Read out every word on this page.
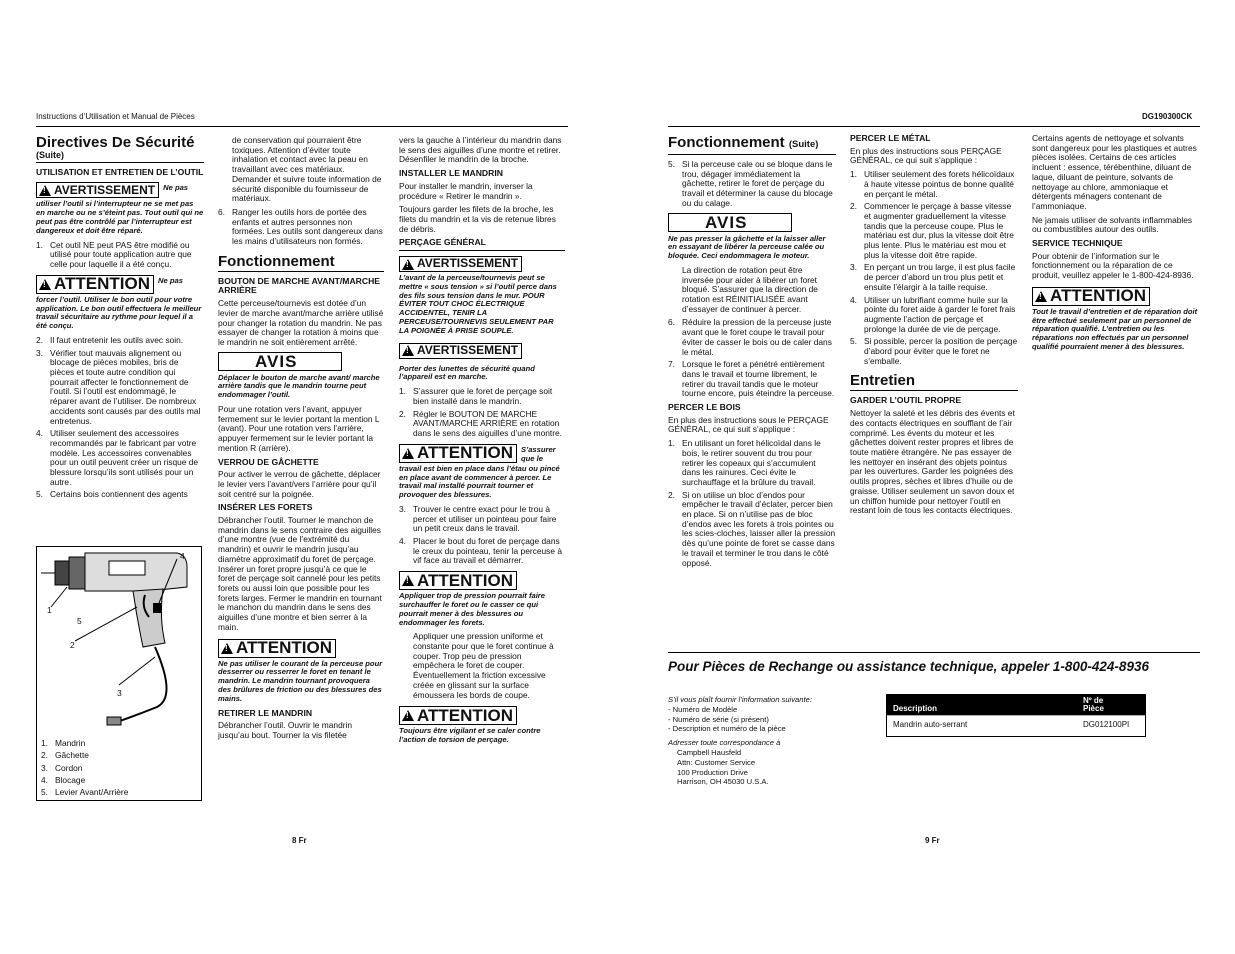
Instructions d’Utilisation et Manual de Pièces	DG190300CK
Directives De Sécurité
(Suite)
UTILISATION ET ENTRETIEN DE L’OUTIL
!
AVERTISSEMENT Ne pas
utiliser l’outil si l’interrupteur ne se met pas en marche ou ne s’éteint pas. Tout outil qui ne peut pas être contrôlé par l’interrupteur est dangereux et doit être réparé.
1. Cet outil NE peut PAS être modifié ou utilisé pour toute application autre que celle pour laquelle il a été conçu.
!
ATTENTION Ne pas
forcer l’outil. Utiliser le bon outil pour votre application. Le bon outil effectuera le meilleur travail sécuritaire au rythme pour lequel il a été conçu.
2. Il faut entretenir les outils avec soin.
3. Vérifier tout mauvais alignement ou blocage de pièces mobiles, bris de pièces et toute autre condition qui pourrait affecter le fonctionnement de l’outil. Si l’outil est endommagé, le réparer avant de l’utiliser. De nombreux accidents sont causés par des outils mal entretenus.
4. Utiliser seulement des accessoires recommandés par le fabricant par votre modèle. Les accessoires convenables pour un outil peuvent créer un risque de blessure lorsqu’ils sont utilisés pour un autre.
5. Certains bois contiennent des agents
4
1
5
2
3
1.   Mandrin
2.   Gâchette
3.   Cordon
4.   Blocage
5.   Levier Avant/Arrière

de conservation qui pourraient être toxiques. Attention d’éviter toute inhalation et contact avec la peau en travaillant avec ces matériaux. Demander et suivre toute information de sécurité disponible du fournisseur de matériaux.

6. Ranger les outils hors de portée des enfants et autres personnes non formées. Les outils sont dangereux dans les mains d’utilisateurs non formés.
Fonctionnement
BOUTON DE MARCHE AVANT/MARCHE ARRIÈRE

Cette perceuse/tournevis est dotée d’un levier de marche avant/marche arrière utilisé pour changer la rotation du mandrin. Ne pas essayer de changer la rotation à moins que le mandrin ne soit entièrement arrêté.

AVIS
Déplacer le bouton de marche avant/ marche arrière tandis que le mandrin tourne peut endommager l’outil.

Pour une rotation vers l’avant, appuyer fermement sur le levier portant la mention L (avant). Pour une rotation vers l’arrière, appuyer fermement sur le levier portant la mention R (arrière).

VERROU DE GÂCHETTE

Pour activer le verrou de gâchette, déplacer le levier vers l’avant/vers l’arrière pour qu’il soit centré sur la poignée.

INSÉRER LES FORETS

Débrancher l’outil. Tourner le manchon de mandrin dans le sens contraire des aiguilles d’une montre (vue de l’extrémité du mandrin) et ouvrir le mandrin jusqu’au diamètre approximatif du foret de perçage. Insérer un foret propre jusqu’à ce que le foret de perçage soit cannelé pour les petits forets ou aussi loin que possible pour les forets larges. Fermer le mandrin en tournant le manchon du mandrin dans le sens des aiguilles d’une montre et bien serrer à la main.

!
ATTENTION
Ne pas utiliser le courant de la perceuse pour desserrer ou resserrer le foret en tenant le mandrin. Le mandrin tournant provoquera des brûlures de friction ou des blessures des mains.
RETIRER LE MANDRIN

Débrancher l’outil. Ouvrir le mandrin jusqu’au bout. Tourner la vis filetée

vers la gauche à l’intérieur du mandrin dans le sens des aiguilles d’une montre et retirer. Désenfiler le mandrin de la broche.

INSTALLER LE MANDRIN

Pour installer le mandrin, inverser la procédure « Retirer le mandrin ».

Toujours garder les filets de la broche, les filets du mandrin et la vis de retenue libres de débris.

PERÇAGE GÉNÉRAL
!
AVERTISSEMENT
L’avant de la perceuse/tournevis peut se mettre « sous tension » si l’outil perce dans des fils sous tension dans le mur. POUR ÉVITER TOUT CHOC ÉLECTRIQUE ACCIDENTEL, TENIR LA PERCEUSE/TOURNEVIS SEULEMENT PAR LA POIGNÉE À PRISE SOUPLE.
!
AVERTISSEMENT
Porter des lunettes de sécurité quand l’appareil est en marche.
1. S’assurer que le foret de perçage soit bien installé dans le mandrin.
2. Régler le BOUTON DE MARCHE AVANT/MARCHE ARRIÈRE en rotation dans le sens des aiguilles d’une montre.
!
ATTENTION S’assurer que le
travail est bien en place dans l’étau ou pincé en place avant de commencer à percer. Le travail mal installé pourrait tourner et provoquer des blessures.
3. Trouver le centre exact pour le trou à percer et utiliser un pointeau pour faire un petit creux dans le travail.
4. Placer le bout du foret de perçage dans le creux du pointeau, tenir la perceuse à vif face au travail et démarrer.
!
ATTENTION
Appliquer trop de pression pourrait faire surchauffer le foret ou le casser ce qui pourrait mener à des blessures ou endommager les forets.

Appliquer une pression uniforme et constante pour que le foret continue à couper. Trop peu de pression empêchera le foret de couper. Éventuellement la friction excessive créée en glissant sur la surface émoussera les bords de coupe.

!
ATTENTION
Toujours être vigilant et se caler contre l’action de torsion de perçage.
Fonctionnement (Suite)
5. Si la perceuse cale ou se bloque dans le trou, dégager immédiatement la gâchette, retirer le foret de perçage du travail et déterminer la cause du blocage ou du calage.
AVIS
Ne pas presser la gâchette et la laisser aller en essayant de libérer la perceuse calée ou bloquée. Ceci endommagera le moteur.

La direction de rotation peut être inversée pour aider à libérer un foret bloqué. S’assurer que la direction de rotation est RÉINITIALISÉE avant d’essayer de continuer à percer.

6. Réduire la pression de la perceuse juste avant que le foret coupe le travail pour éviter de casser le bois ou de caler dans le métal.
7. Lorsque le foret a pénétré entièrement dans le travail et tourne librement, le retirer du travail tandis que le moteur tourne encore, puis éteindre la perceuse.
PERCER LE BOIS

En plus des instructions sous le PERÇAGE GÉNÉRAL, ce qui suit s’applique :

1. En utilisant un foret hélicoïdal dans le bois, le retirer souvent du trou pour retirer les copeaux qui s’accumulent dans les rainures. Ceci évite le surchauffage et la brûlure du travail.
2. Si on utilise un bloc d’endos pour empêcher le travail d’éclater, percer bien en place. Si on n’utilise pas de bloc d’endos avec les forets à trois pointes ou les scies-cloches, laisser aller la pression dès qu’une pointe de foret se casse dans le travail et terminer le trou dans le côté opposé.
PERCER LE MÉTAL

En plus des instructions sous PERÇAGE GÉNÉRAL, ce qui suit s’applique :

1. Utiliser seulement des forets hélicoïdaux à haute vitesse pointus de bonne qualité en perçant le métal.
2. Commencer le perçage à basse vitesse et augmenter graduellement la vitesse tandis que la perceuse coupe. Plus le matériau est dur, plus la vitesse doit être plus lente. Plus le matériau est mou et plus la vitesse doit être rapide.
3. En perçant un trou large, il est plus facile de percer d’abord un trou plus petit et ensuite l’élargir à la taille requise.
4. Utiliser un lubrifiant comme huile sur la pointe du foret aide à garder le foret frais augmente l’action de perçage et prolonge la durée de vie de perçage.
5. Si possible, percer la position de perçage d’abord pour éviter que le foret ne s’emballe.
Entretien
GARDER L’OUTIL PROPRE

Nettoyer la saleté et les débris des évents et des contacts électriques en soufflant de l’air comprimé. Les évents du moteur et les gâchettes doivent rester propres et libres de toute matière étrangère. Ne pas essayer de les nettoyer en insérant des objets pointus par les ouvertures. Garder les poignées des outils propres, sèches et libres d’huile ou de graisse. Utiliser seulement un savon doux et un chiffon humide pour nettoyer l’outil en restant loin de tous les contacts électriques.

Certains agents de nettoyage et solvants sont dangereux pour les plastiques et autres pièces isolées. Certains de ces articles incluent : essence, térébenthine, diluant de laque, diluant de peinture, solvants de nettoyage au chlore, ammoniaque et détergents ménagers contenant de l’ammoniaque.

Ne jamais utiliser de solvants inflammables ou combustibles autour des outils.

SERVICE TECHNIQUE

Pour obtenir de l’information sur le fonctionnement ou la réparation de ce produit, veuillez appeler le 1-800-424-8936.

!
ATTENTION
Tout le travail d’entretien et de réparation doit être effectué seulement par un personnel de réparation qualifié. L’entretien ou les réparations non effectués par un personnel qualifié pourraient mener à des blessures.
Pour Pièces de Rechange ou assistance technique, appeler 1-800-424-8936
S’il vous plaît fournir l’information suivante:
- Numéro de Modèle
- Numéro de série (si présent)
- Description et numéro de la pièce
Adresser toute correspondance à
Campbell Hausfeld
Attn: Customer Service
100 Production Drive
Harrison, OH 45030 U.S.A.
Description
Nº de Pièce
Mandrin auto-serrant	DG012100PI
8 Fr	9 Fr
